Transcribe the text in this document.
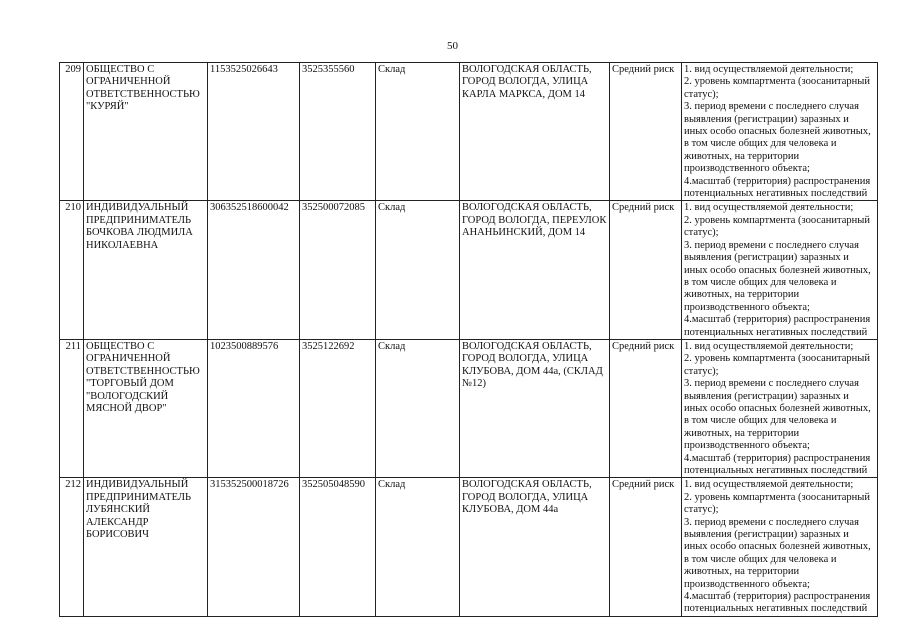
50
209	ОБЩЕСТВО С ОГРАНИЧЕННОЙ ОТВЕТСТВЕННОСТЬЮ "КУРЯЙ"	1153525026643	3525355560	Склад	ВОЛОГОДСКАЯ ОБЛАСТЬ, ГОРОД ВОЛОГДА, УЛИЦА КАРЛА МАРКСА, ДОМ 14	Средний риск	1. вид осуществляемой деятельности;
2. уровень компартмента (зоосанитарный статус);
3. период времени с последнего случая выявления (регистрации) заразных и иных особо опасных болезней животных, в том числе общих для человека и животных, на территории производственного объекта;
4.масштаб (территория) распространения потенциальных негативных последствий

210	ИНДИВИДУАЛЬНЫЙ ПРЕДПРИНИМАТЕЛЬ БОЧКОВА ЛЮДМИЛА НИКОЛАЕВНА	306352518600042	352500072085	Склад	ВОЛОГОДСКАЯ ОБЛАСТЬ, ГОРОД ВОЛОГДА, ПЕРЕУЛОК АНАНЬИНСКИЙ, ДОМ 14	Средний риск	1. вид осуществляемой деятельности;
2. уровень компартмента (зоосанитарный статус);
3. период времени с последнего случая выявления (регистрации) заразных и иных особо опасных болезней животных, в том числе общих для человека и животных, на территории производственного объекта;
4.масштаб (территория) распространения потенциальных негативных последствий

211	ОБЩЕСТВО С ОГРАНИЧЕННОЙ ОТВЕТСТВЕННОСТЬЮ "ТОРГОВЫЙ ДОМ "ВОЛОГОДСКИЙ МЯСНОЙ ДВОР"	1023500889576	3525122692	Склад	ВОЛОГОДСКАЯ ОБЛАСТЬ, ГОРОД ВОЛОГДА, УЛИЦА КЛУБОВА, ДОМ 44а, (СКЛАД №12)	Средний риск	1. вид осуществляемой деятельности;
2. уровень компартмента (зоосанитарный статус);
3. период времени с последнего случая выявления (регистрации) заразных и иных особо опасных болезней животных, в том числе общих для человека и животных, на территории производственного объекта;
4.масштаб (территория) распространения потенциальных негативных последствий

212	ИНДИВИДУАЛЬНЫЙ ПРЕДПРИНИМАТЕЛЬ ЛУБЯНСКИЙ АЛЕКСАНДР БОРИСОВИЧ	315352500018726	352505048590	Склад	ВОЛОГОДСКАЯ ОБЛАСТЬ, ГОРОД ВОЛОГДА, УЛИЦА КЛУБОВА, ДОМ 44а	Средний риск	1. вид осуществляемой деятельности;
2. уровень компартмента (зоосанитарный статус);
3. период времени с последнего случая выявления (регистрации) заразных и иных особо опасных болезней животных, в том числе общих для человека и животных, на территории производственного объекта;
4.масштаб (территория) распространения потенциальных негативных последствий
